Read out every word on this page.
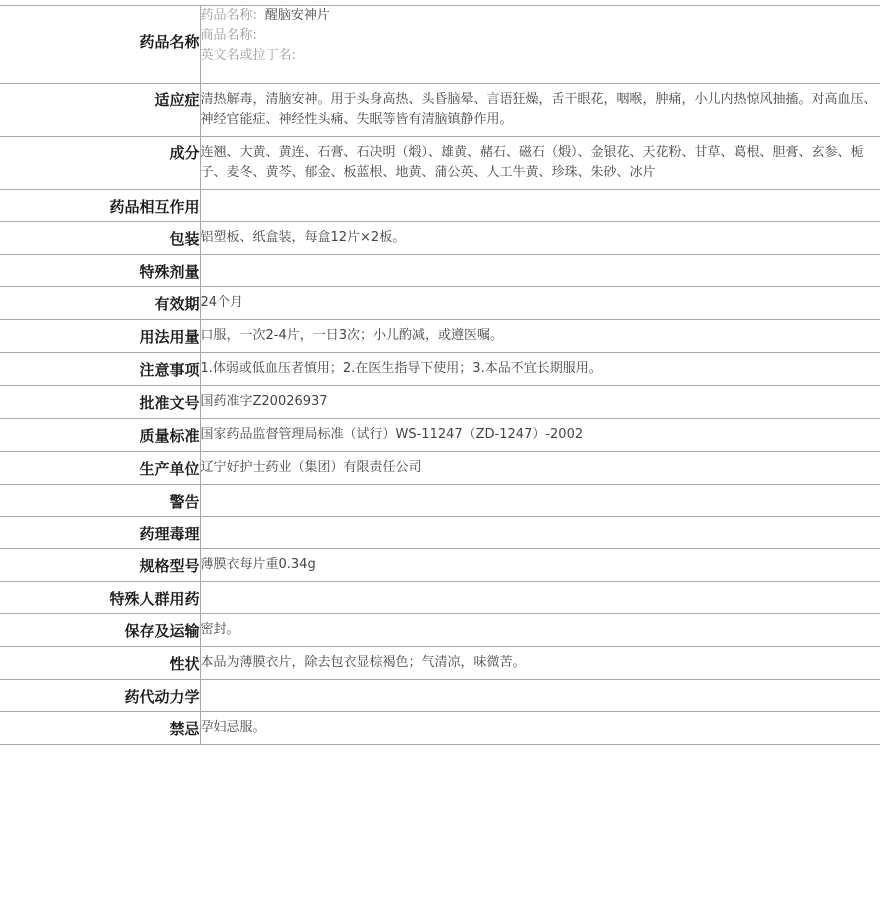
药品名称	药品名称: 醒脑安神片
商品名称:
英文名或拉丁名:

适应症	清热解毒，清脑安神。用于头身高热、头昏脑晕、言语狂燥，舌干眼花，咽喉，肿痛，小儿内热惊风抽搐。对高血压、神经官能症、神经性头痛、失眠等皆有清脑镇静作用。

成分	连翘、大黄、黄连、石膏、石决明（煅）、雄黄、赭石、磁石（煅）、金银花、天花粉、甘草、葛根、胆膏、玄参、栀子、麦冬、黄芩、郁金、板蓝根、地黄、蒲公英、人工牛黄、珍珠、朱砂、冰片

药品相互作用	

包装	铝塑板、纸盒装，每盒12片×2板。

特殊剂量	

有效期	24个月

用法用量	口服，一次2-4片，一日3次；小儿酌减，或遵医嘱。

注意事项	1.体弱或低血压者慎用；2.在医生指导下使用；3.本品不宜长期服用。

批准文号	国药准字Z20026937

质量标准	国家药品监督管理局标准（试行）WS-11247（ZD-1247）-2002

生产单位	辽宁好护士药业（集团）有限责任公司

警告	

药理毒理	

规格型号	薄膜衣每片重0.34g

特殊人群用药	

保存及运输	密封。

性状	本品为薄膜衣片，除去包衣显棕褐色；气清凉，味微苦。

药代动力学	

禁忌	孕妇忌服。
